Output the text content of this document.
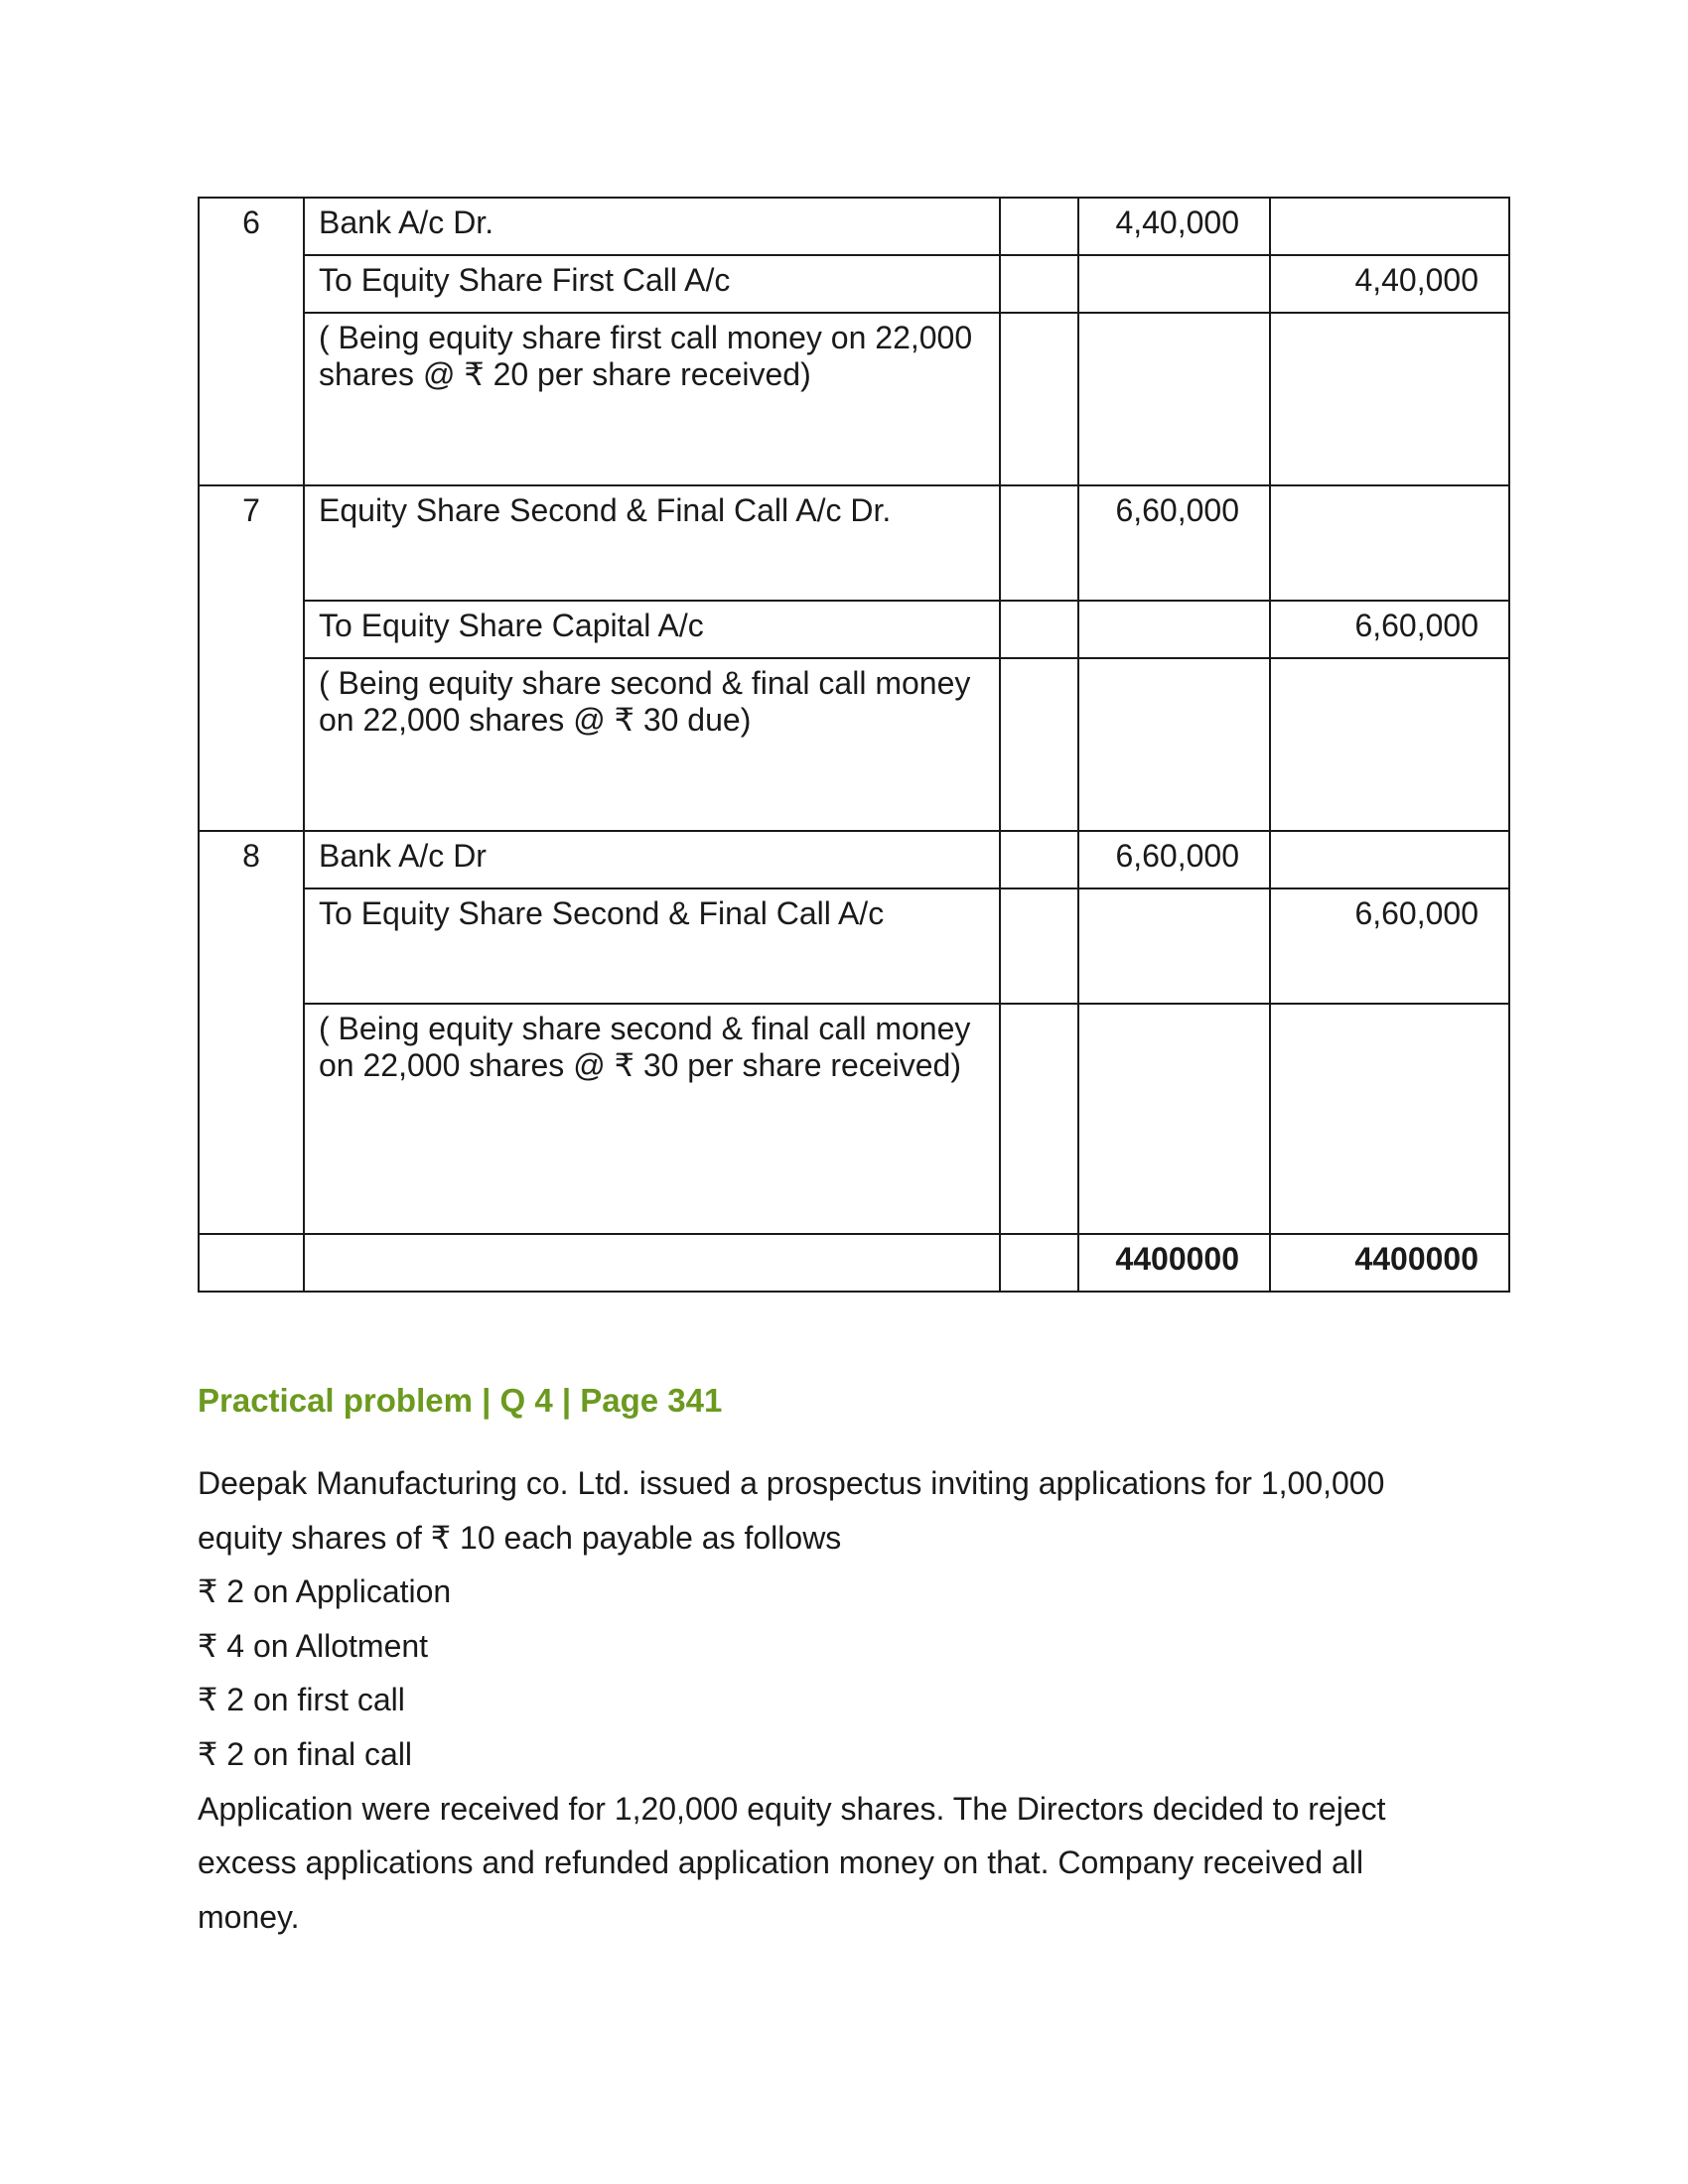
6	Bank A/c Dr.		4,40,000	
	To Equity Share First Call A/c			4,40,000
	( Being equity share first call money on 22,000 shares @ ₹ 20 per share received)			
7	Equity Share Second & Final Call A/c Dr.		6,60,000	
	To Equity Share Capital A/c			6,60,000
	( Being equity share second & final call money on 22,000 shares @ ₹ 30 due)			
8	Bank A/c Dr		6,60,000	
	To Equity Share Second & Final Call A/c			6,60,000
	( Being equity share second & final call money on 22,000 shares @ ₹ 30 per share received)			
			4400000	4400000
Practical problem | Q 4 | Page 341
Deepak Manufacturing co. Ltd. issued a prospectus inviting applications for 1,00,000
equity shares of ₹ 10 each payable as follows
₹ 2 on Application
₹ 4 on Allotment
₹ 2 on first call
₹ 2 on final call
Application were received for 1,20,000 equity shares. The Directors decided to reject
excess applications and refunded application money on that. Company received all
money.
